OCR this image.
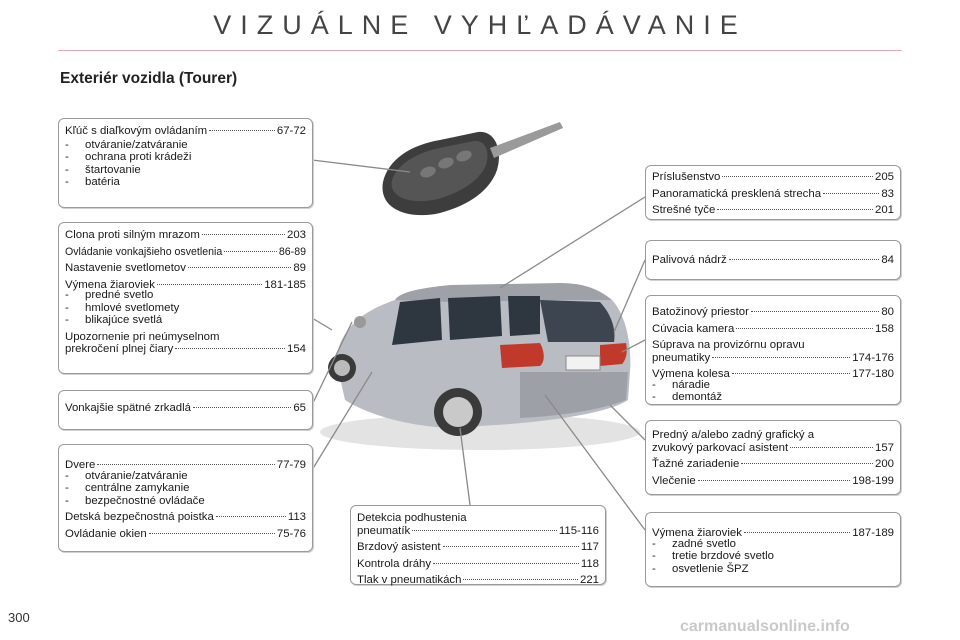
VIZUÁLNE VYHĽADÁVANIE
Exteriér vozidla (Tourer)
Kľúč s diaľkovým ovládaním	67-72
- otváranie/zatváranie
- ochrana proti krádeži
- štartovanie
- batéria
Clona proti silným mrazom	203
Ovládanie vonkajšieho osvetlenia	86-89
Nastavenie svetlometov	89
Výmena žiaroviek	181-185
- predné svetlo
- hmlové svetlomety
- blikajúce svetlá
Upozornenie pri neúmyselnom
prekročení plnej čiary	154
Vonkajšie spätné zrkadlá	65
Dvere	77-79
- otváranie/zatváranie
- centrálne zamykanie
- bezpečnostné ovládače
Detská bezpečnostná poistka	113
Ovládanie okien	75-76
Detekcia podhustenia
pneumatík	115-116
Brzdový asistent	117
Kontrola dráhy	118
Tlak v pneumatikách	221
Príslušenstvo	205
Panoramatická presklená strecha	83
Strešné tyče	201
Palivová nádrž	84
Batožinový priestor	80
Cúvacia kamera	158
Súprava na provizórnu opravu
pneumatiky	174-176
Výmena kolesa	177-180
- náradie
- demontáž
Predný a/alebo zadný grafický a
zvukový parkovací asistent	157
Ťažné zariadenie	200
Vlečenie	198-199
Výmena žiaroviek	187-189
- zadné svetlo
- tretie brzdové svetlo
- osvetlenie ŠPZ
300
carmanualsonline.info
